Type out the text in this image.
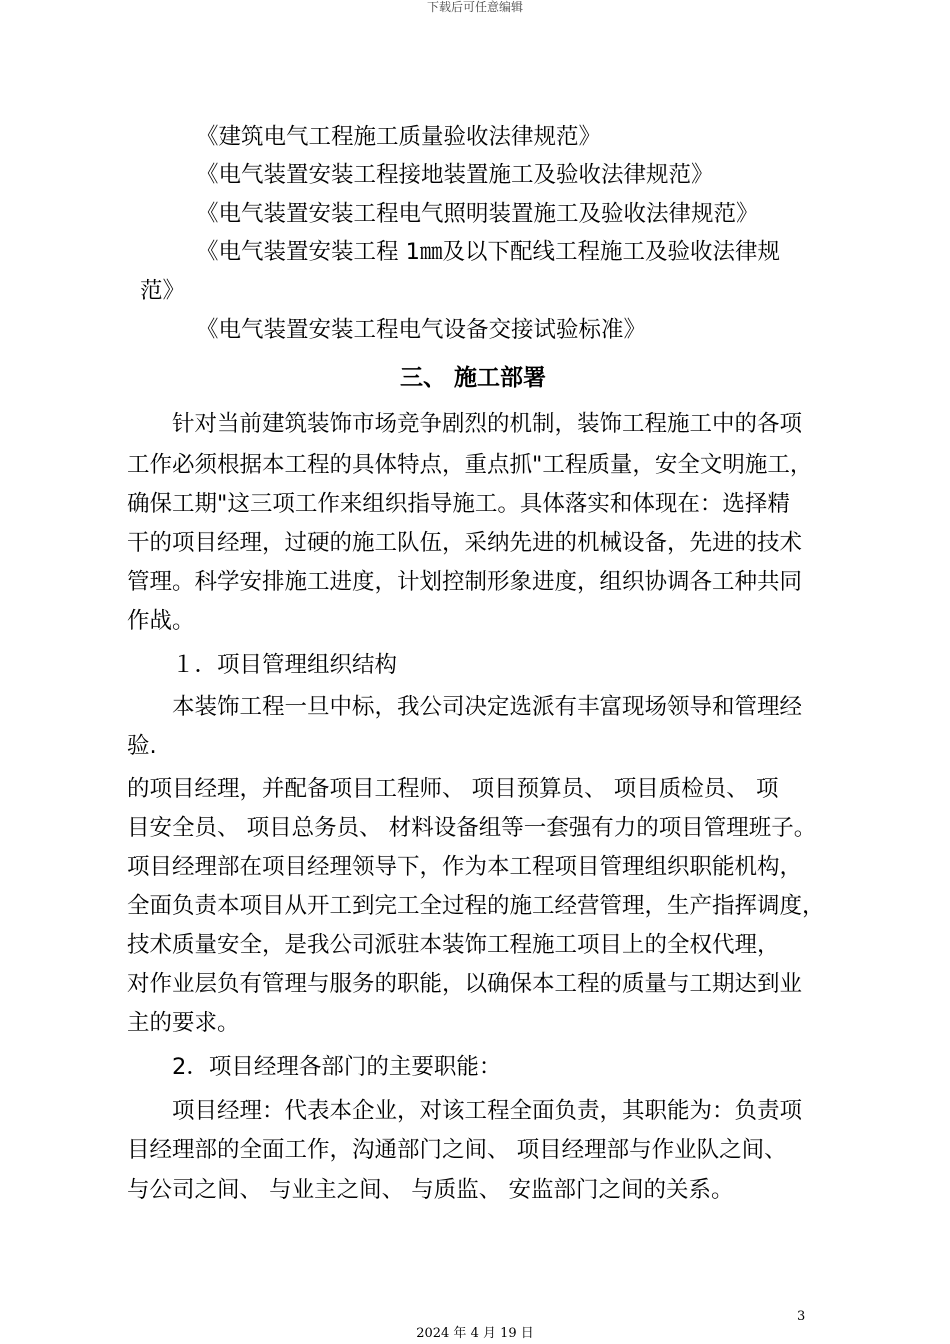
下载后可任意编辑
《建筑电气工程施工质量验收法律规范》
《电气装置安装工程接地装置施工及验收法律规范》
《电气装置安装工程电气照明装置施工及验收法律规范》
《电气装置安装工程 1㎜及以下配线工程施工及验收法律规
范》
《电气装置安装工程电气设备交接试验标准》
三、 施工部署
针对当前建筑装饰市场竞争剧烈的机制，装饰工程施工中的各项
工作必须根据本工程的具体特点，重点抓"工程质量，安全文明施工，
确保工期"这三项工作来组织指导施工。具体落实和体现在：选择精
干的项目经理，过硬的施工队伍，采纳先进的机械设备，先进的技术
管理。科学安排施工进度，计划控制形象进度，组织协调各工种共同
作战。
１．项目管理组织结构
本装饰工程一旦中标，我公司决定选派有丰富现场领导和管理经
验.
的项目经理，并配备项目工程师、 项目预算员、 项目质检员、 项
目安全员、 项目总务员、 材料设备组等一套强有力的项目管理班子。
项目经理部在项目经理领导下，作为本工程项目管理组织职能机构，
全面负责本项目从开工到完工全过程的施工经营管理，生产指挥调度，
技术质量安全，是我公司派驻本装饰工程施工项目上的全权代理，
对作业层负有管理与服务的职能，以确保本工程的质量与工期达到业
主的要求。
2．项目经理各部门的主要职能：
项目经理：代表本企业，对该工程全面负责，其职能为：负责项
目经理部的全面工作，沟通部门之间、 项目经理部与作业队之间、
与公司之间、 与业主之间、 与质监、 安监部门之间的关系。
3
2024 年 4 月 19 日
